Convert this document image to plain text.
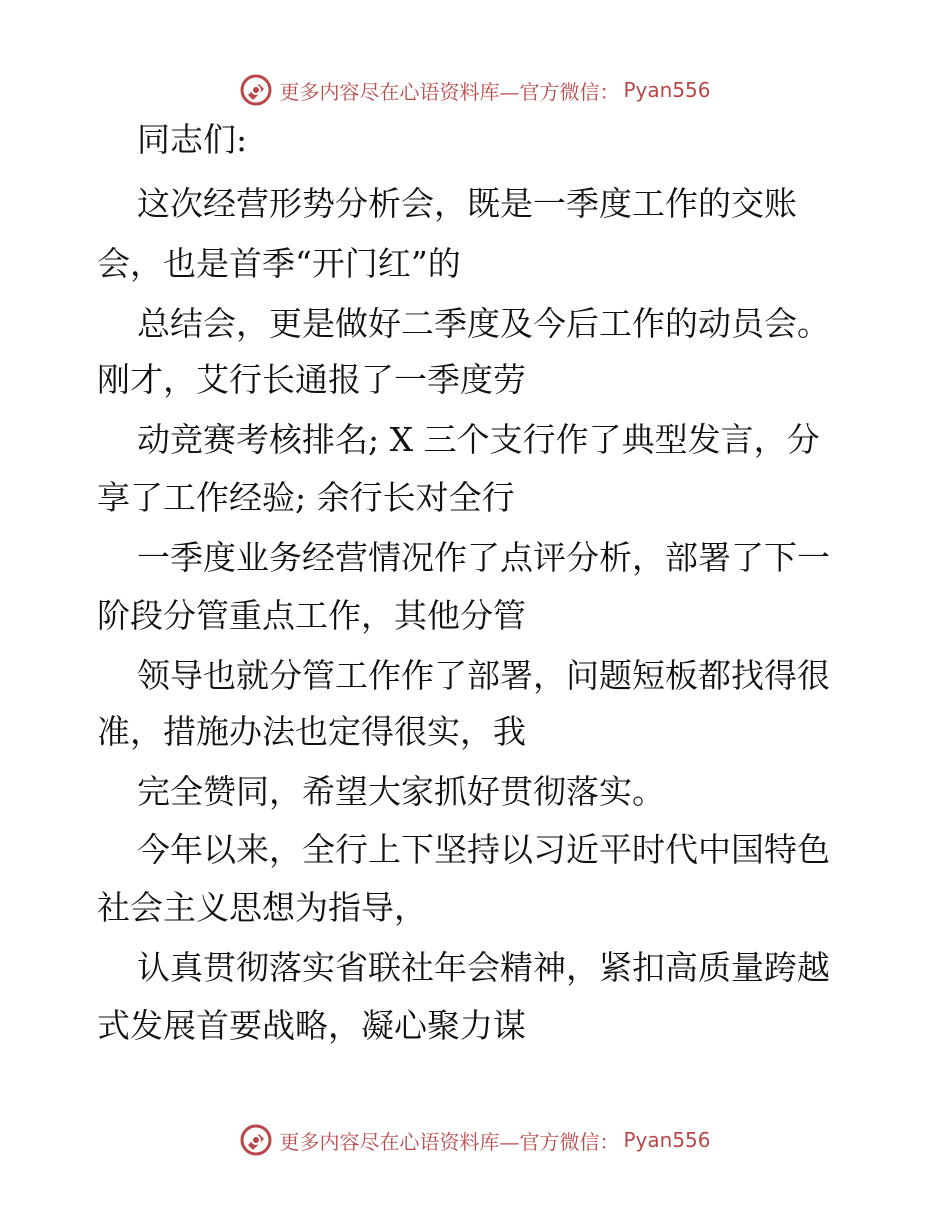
更多内容尽在心语资料库—官方微信： Pyan556
同志们:
这次经营形势分析会，既是一季度工作的交账
会，也是首季“开门红”的
总结会，更是做好二季度及今后工作的动员会。
刚才，艾行长通报了一季度劳
动竞赛考核排名; X 三个支行作了典型发言，分
享了工作经验; 余行长对全行
一季度业务经营情况作了点评分析，部署了下一
阶段分管重点工作，其他分管
领导也就分管工作作了部署，问题短板都找得很
准，措施办法也定得很实，我
完全赞同，希望大家抓好贯彻落实。
今年以来，全行上下坚持以习近平时代中国特色
社会主义思想为指导，
认真贯彻落实省联社年会精神，紧扣高质量跨越
式发展首要战略，凝心聚力谋
更多内容尽在心语资料库—官方微信： Pyan556
